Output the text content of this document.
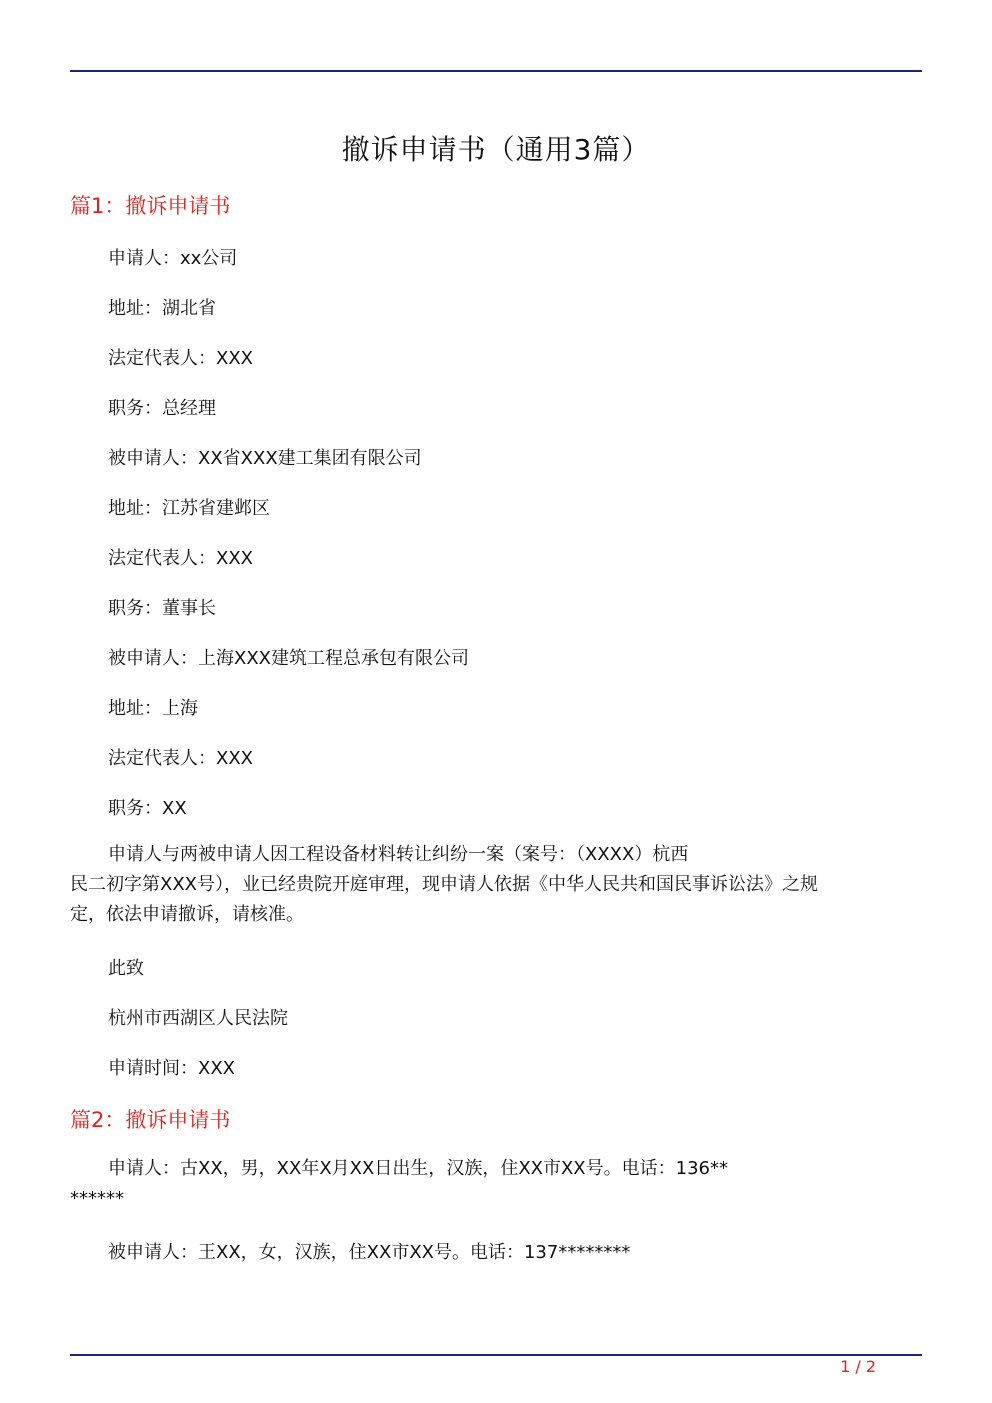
撤诉申请书（通用3篇）
篇1：撤诉申请书
申请人：xx公司
地址：湖北省
法定代表人：XXX
职务：总经理
被申请人：XX省XXX建工集团有限公司
地址：江苏省建邺区
法定代表人：XXX
职务：董事长
被申请人：上海XXX建筑工程总承包有限公司
地址：上海
法定代表人：XXX
职务：XX
申请人与两被申请人因工程设备材料转让纠纷一案（案号：（XXXX）杭西
民二初字第XXX号），业已经贵院开庭审理，现申请人依据《中华人民共和国民事诉讼法》之规
定，依法申请撤诉，请核准。
此致
杭州市西湖区人民法院
申请时间：XXX
篇2：撤诉申请书
申请人：古XX，男，XX年X月XX日出生，汉族，住XX市XX号。电话：136**
******
被申请人：王XX，女，汉族，住XX市XX号。电话：137********
1 / 2
